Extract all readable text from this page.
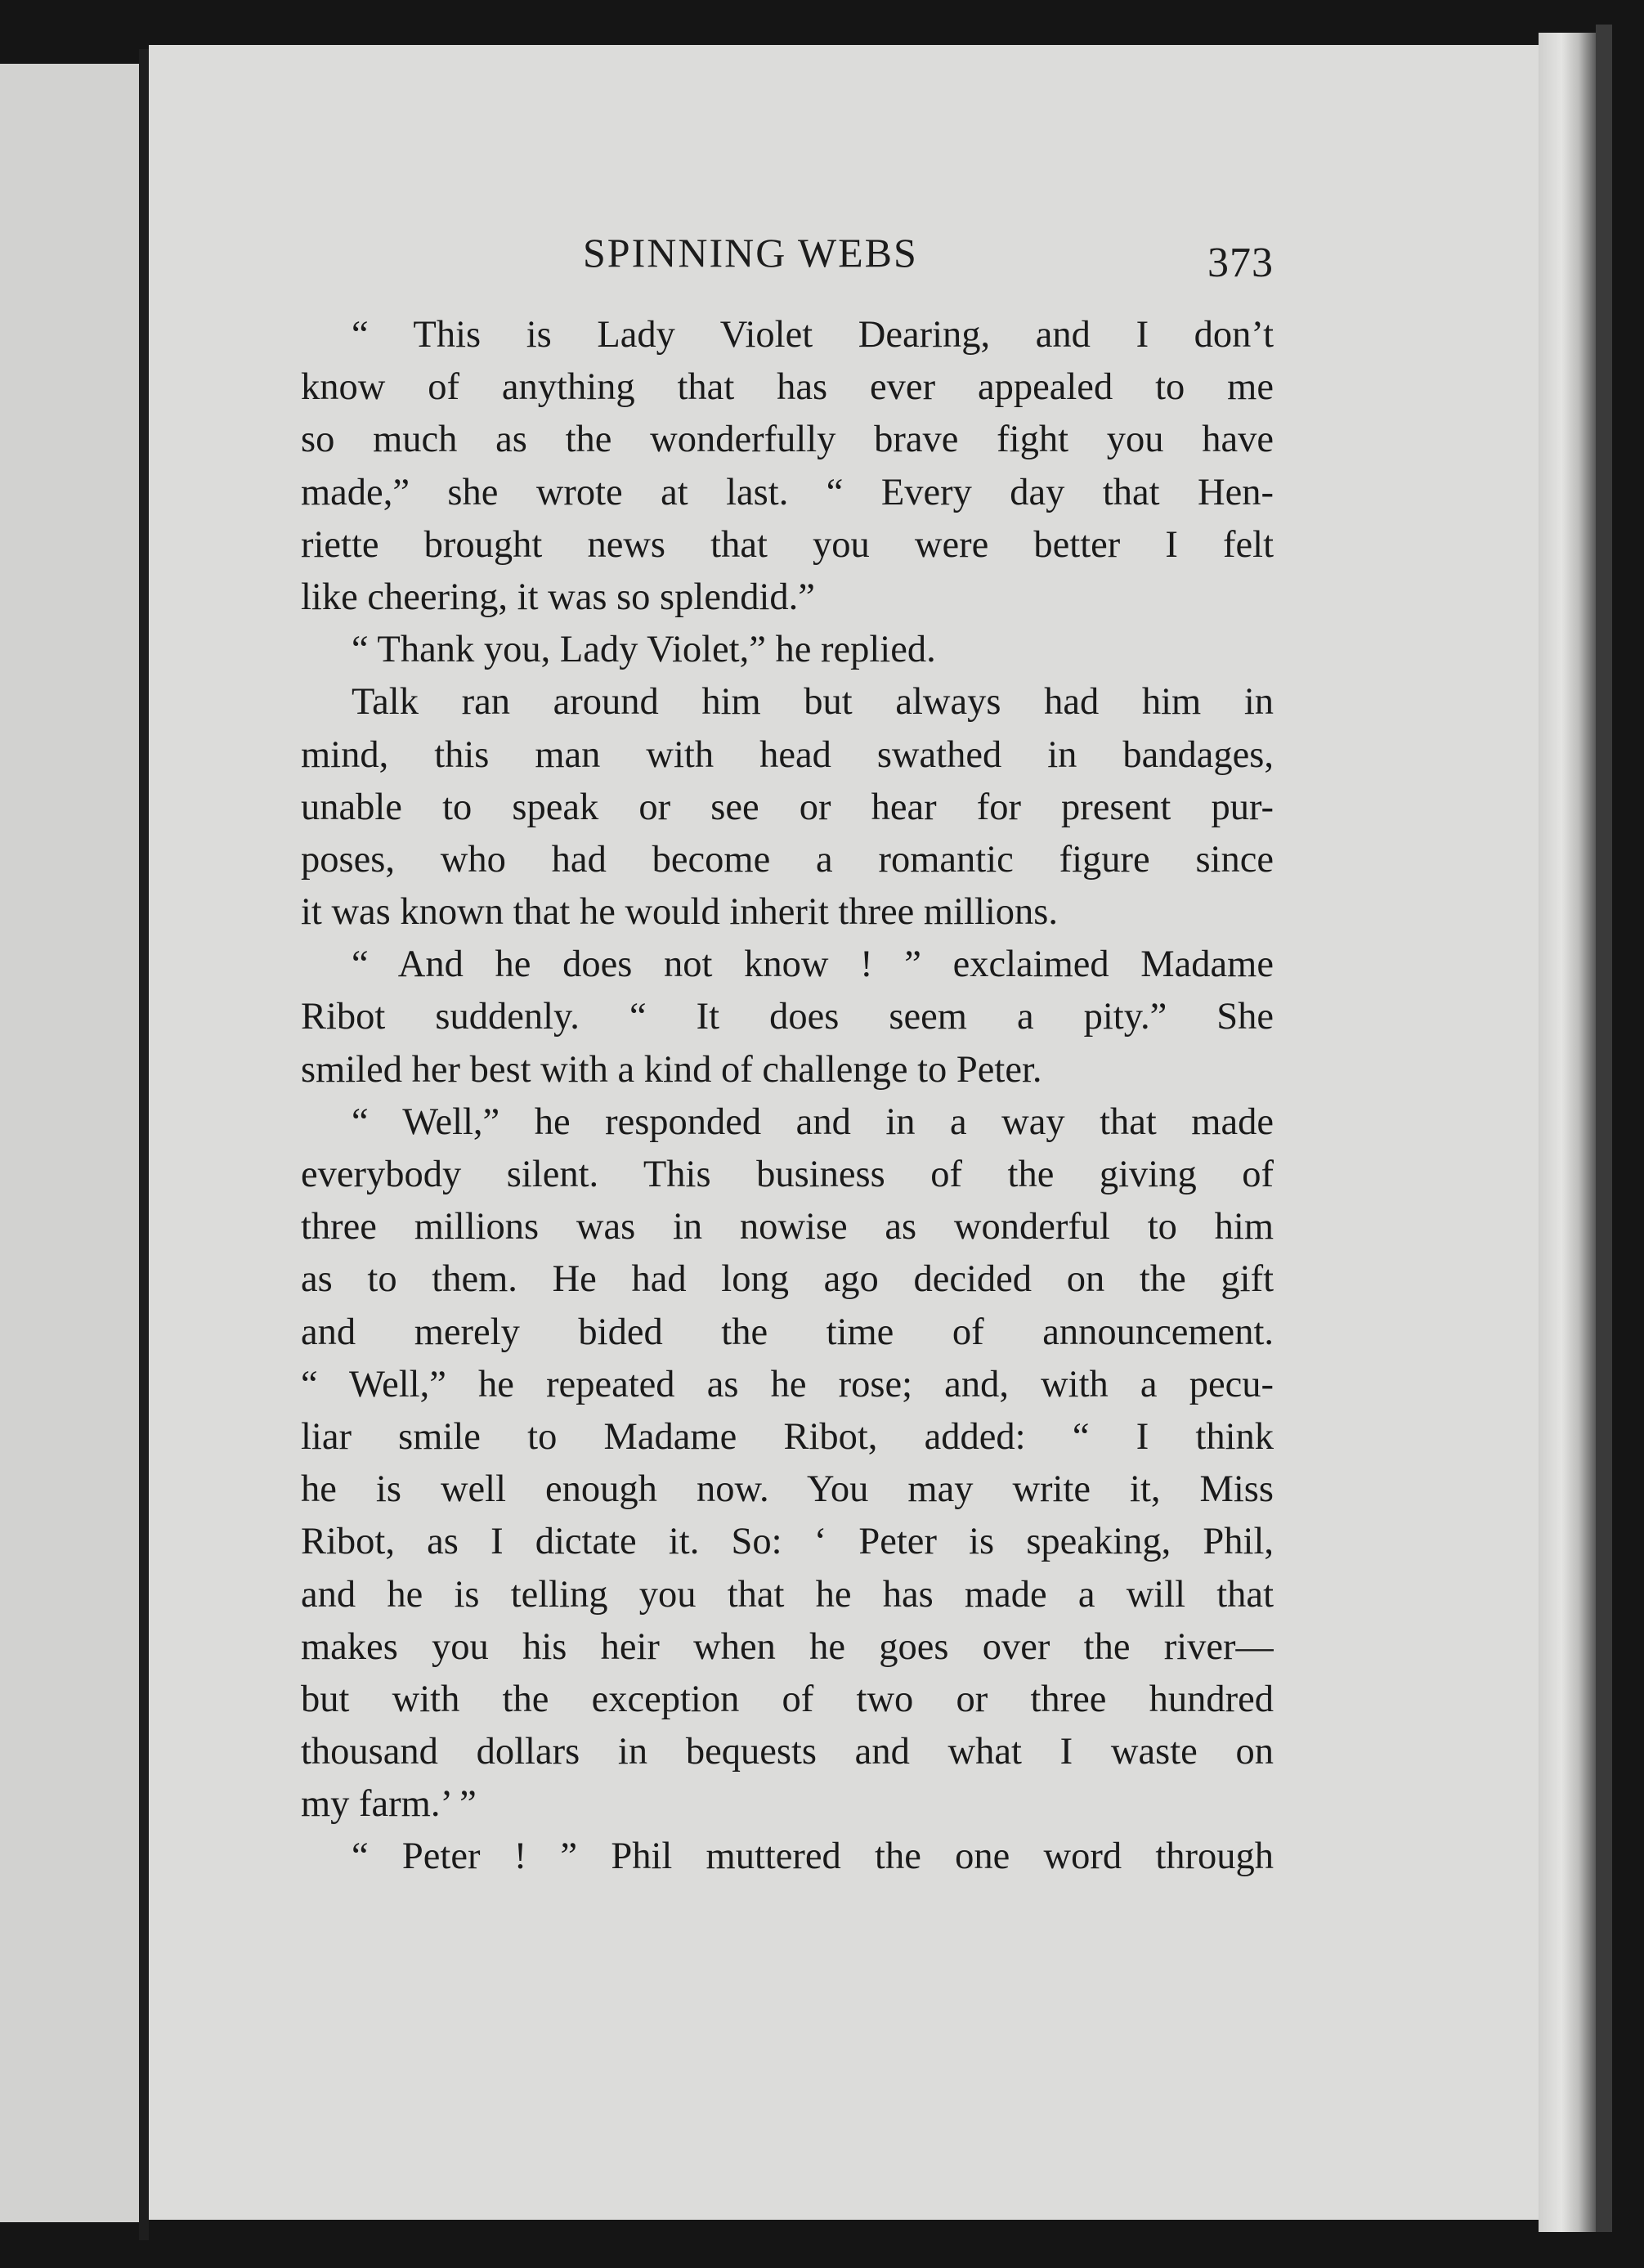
SPINNING WEBS	373
“ This is Lady Violet Dearing, and I don’t
know of anything that has ever appealed to me
so much as the wonderfully brave fight you have
made,” she wrote at last. “ Every day that Hen-
riette brought news that you were better I felt
like cheering, it was so splendid.”
“ Thank you, Lady Violet,” he replied.
Talk ran around him but always had him in
mind, this man with head swathed in bandages,
unable to speak or see or hear for present pur-
poses, who had become a romantic figure since
it was known that he would inherit three millions.
“ And he does not know ! ” exclaimed Madame
Ribot suddenly. “ It does seem a pity.” She
smiled her best with a kind of challenge to Peter.
“ Well,” he responded and in a way that made
everybody silent. This business of the giving of
three millions was in nowise as wonderful to him
as to them. He had long ago decided on the gift
and merely bided the time of announcement.
“ Well,” he repeated as he rose; and, with a pecu-
liar smile to Madame Ribot, added: “ I think
he is well enough now. You may write it, Miss
Ribot, as I dictate it. So: ‘ Peter is speaking, Phil,
and he is telling you that he has made a will that
makes you his heir when he goes over the river—
but with the exception of two or three hundred
thousand dollars in bequests and what I waste on
my farm.’ ”
“ Peter ! ” Phil muttered the one word through
